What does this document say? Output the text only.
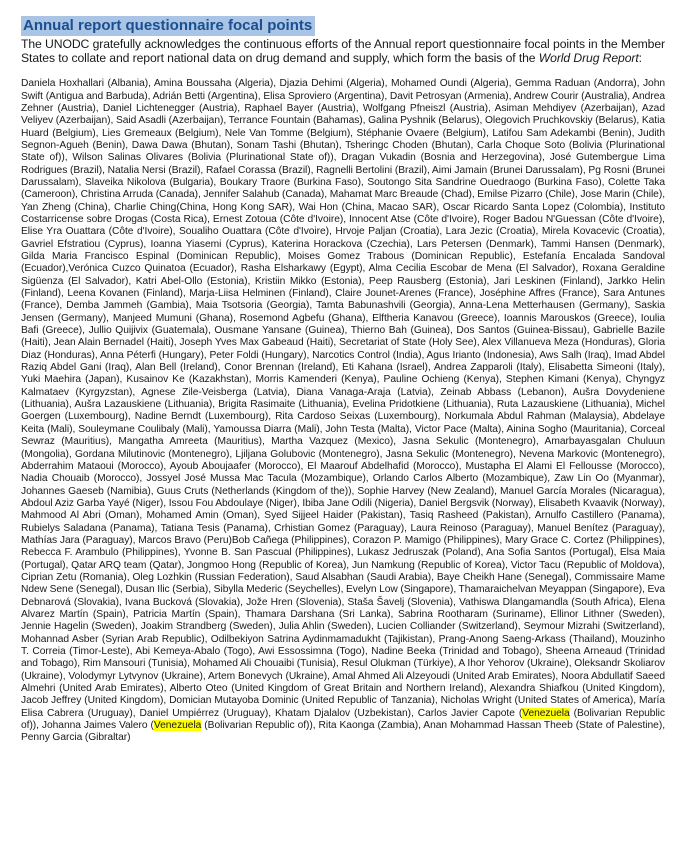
Annual report questionnaire focal points

The UNODC gratefully acknowledges the continuous efforts of the Annual report questionnaire focal points in the Member States to collate and report national data on drug demand and supply, which form the basis of the World Drug Report:

Daniela Hoxhallari (Albania), Amina Boussaha (Algeria), Djazia Dehimi (Algeria), Mohamed Oundi (Algeria), Gemma Raduan (Andorra), John Swift (Antigua and Barbuda), Adrián Betti (Argentina), Elisa Sproviero (Argentina), Davit Petrosyan (Armenia), Andrew Courir (Australia), Andrea Zehner (Austria), Daniel Lichtenegger (Austria), Raphael Bayer (Austria), Wolfgang Pfneiszl (Austria), Asiman Mehdiyev (Azerbaijan), Azad Veliyev (Azerbaijan), Said Asadli (Azerbaijan), Terrance Fountain (Bahamas), Galina Pyshnik (Belarus), Olegovich Pruchkovskiy (Belarus), Katia Huard (Belgium), Lies Gremeaux (Belgium), Nele Van Tomme (Belgium), Stéphanie Ovaere (Belgium), Latifou Sam Adekambi (Benin), Judith Segnon-Agueh (Benin), Dawa Dawa (Bhutan), Sonam Tashi (Bhutan), Tsheringc Choden (Bhutan), Carla Choque Soto (Bolivia (Plurinational State of)), Wilson Salinas Olivares (Bolivia (Plurinational State of)), Dragan Vukadin (Bosnia and Herzegovina), José Gutembergue Lima Rodrigues (Brazil), Natalia Nersi (Brazil), Rafael Corassa (Brazil), Ragnelli Bertolini (Brazil), Aimi Jamain (Brunei Darussalam), Pg Rosni (Brunei Darussalam), Slaveika Nikolova (Bulgaria), Boukary Traore (Burkina Faso), Soutongo Sita Sandrine Ouedraogo (Burkina Faso), Colette Taka (Cameroon), Christina Arruda (Canada), Jennifer Salahub (Canada), Mahamat Marc Breaude (Chad), Emilse Pizarro (Chile), Jose Marin (Chile), Yan Zheng (China), Charlie Ching(China, Hong Kong SAR), Wai Hon (China, Macao SAR), Oscar Ricardo Santa Lopez (Colombia), Instituto Costarricense sobre Drogas (Costa Rica), Ernest Zotoua (Côte d'Ivoire), Innocent Atse (Côte d'Ivoire), Roger Badou N'Guessan (Côte d'Ivoire), Elise Yra Ouattara (Côte d'Ivoire), Soualiho Ouattara (Côte d'Ivoire), Hrvoje Paljan (Croatia), Lara Jezic (Croatia), Mirela Kovacevic (Croatia), Gavriel Efstratiou (Cyprus), Ioanna Yiasemi (Cyprus), Katerina Horackova (Czechia), Lars Petersen (Denmark), Tammi Hansen (Denmark), Gilda Maria Francisco Espinal (Dominican Republic), Moises Gomez Trabous (Dominican Republic), Estefanía Encalada Sandoval (Ecuador),Verónica Cuzco Quinatoa (Ecuador), Rasha Elsharkawy (Egypt), Alma Cecilia Escobar de Mena (El Salvador), Roxana Geraldine Sigüenza (El Salvador), Katri Abel-Ollo (Estonia), Kristiin Mikko (Estonia), Peep Rausberg (Estonia), Jari Leskinen (Finland), Jarkko Helin (Finland), Leena Kovanen (Finland), Marja-Liisa Helminen (Finland), Claire Jounet-Arenes (France), Joséphine Affres (France), Sara Antunes (France), Demba Jammeh (Gambia), Maia Tsotsoria (Georgia), Tamta Babunashvili (Georgia), Anna-Lena Metterhausen (Germany), Saskia Jensen (Germany), Manjeed Mumuni (Ghana), Rosemond Agbefu (Ghana), Elftheria Kanavou (Greece), Ioannis Marouskos (Greece), Ioulia Bafi (Greece), Jullio Quijivix (Guatemala), Ousmane Yansane (Guinea), Thierno Bah (Guinea), Dos Santos (Guinea-Bissau), Gabrielle Bazile (Haiti), Jean Alain Bernadel (Haiti), Joseph Yves Max Gabeaud (Haiti), Secretariat of State (Holy See), Alex Villanueva Meza (Honduras), Gloria Diaz (Honduras), Anna Péterfi (Hungary), Peter Foldi (Hungary), Narcotics Control (India), Agus Irianto (Indonesia), Aws Salh (Iraq), Imad Abdel Raziq Abdel Gani (Iraq), Alan Bell (Ireland), Conor Brennan (Ireland), Eti Kahana (Israel), Andrea Zapparoli (Italy), Elisabetta Simeoni (Italy), Yuki Maehira (Japan), Kusainov Ke (Kazakhstan), Morris Kamenderi (Kenya), Pauline Ochieng (Kenya), Stephen Kimani (Kenya), Chyngyz Kalmataev (Kyrgyzstan), Agnese Zile-Veisberga (Latvia), Diana Vanaga-Araja (Latvia), Zeinab Abbass (Lebanon), Aušra Dovydeniene (Lithuania), Aušra Lazauskiene (Lithuania), Brigita Rasimaite (Lithuania), Evelina Pridotkiene (Lithuania), Ruta Lazauskiene (Lithuania), Michel Goergen (Luxembourg), Nadine Berndt (Luxembourg), Rita Cardoso Seixas (Luxembourg), Norkumala Abdul Rahman (Malaysia), Abdelaye Keita (Mali), Souleymane Coulibaly (Mali), Yamoussa Diarra (Mali), John Testa (Malta), Victor Pace (Malta), Ainina Sogho (Mauritania), Corceal Sewraz (Mauritius), Mangatha Amreeta (Mauritius), Martha Vazquez (Mexico), Jasna Sekulic (Montenegro), Amarbayasgalan Chuluun (Mongolia), Gordana Milutinovic (Montenegro), Ljiljana Golubovic (Montenegro), Jasna Sekulic (Montenegro), Nevena Markovic (Montenegro), Abderrahim Mataoui (Morocco), Ayoub Aboujaafer (Morocco), El Maarouf Abdelhafid (Morocco), Mustapha El Alami El Fellousse (Morocco), Nadia Chouaib (Morocco), Jossyel José Mussa Mac Tacula (Mozambique), Orlando Carlos Alberto (Mozambique), Zaw Lin Oo (Myanmar), Johannes Gaeseb (Namibia), Guus Cruts (Netherlands (Kingdom of the)), Sophie Harvey (New Zealand), Manuel García Morales (Nicaragua), Abdoul Aziz Garba Yayé (Niger), Issou Fou Abdoulaye (Niger), Ibiba Jane Odili (Nigeria), Daniel Bergsvik (Norway), Elisabeth Kvaavik (Norway), Mahmood Al Abri (Oman), Mohamed Amin (Oman), Syed Sijjeel Haider (Pakistan), Tasiq Rasheed (Pakistan), Arnulfo Castillero (Panama), Rubielys Saladana (Panama), Tatiana Tesis (Panama), Crhistian Gomez (Paraguay), Laura Reinoso (Paraguay), Manuel Benítez (Paraguay), Mathías Jara (Paraguay), Marcos Bravo (Peru)Bob Cañega (Philippines), Corazon P. Mamigo (Philippines), Mary Grace C. Cortez (Philippines), Rebecca F. Arambulo (Philippines), Yvonne B. San Pascual (Philippines), Lukasz Jedruszak (Poland), Ana Sofia Santos (Portugal), Elsa Maia (Portugal), Qatar ARQ team (Qatar), Jongmoo Hong (Republic of Korea), Jun Namkung (Republic of Korea), Victor Tacu (Republic of Moldova), Ciprian Zetu (Romania), Oleg Lozhkin (Russian Federation), Saud Alsabhan (Saudi Arabia), Baye Cheikh Hane (Senegal), Commissaire Mame Ndew Sene (Senegal), Dusan Ilic (Serbia), Sibylla Mederic (Seychelles), Evelyn Low (Singapore), Thamaraichelvan Meyappan (Singapore), Eva Debnarová (Slovakia), Ivana Bucková (Slovakia), Jože Hren (Slovenia), Staša Šavelj (Slovenia), Vathiswa Dlangamandla (South Africa), Elena Alvarez Martín (Spain), Patricia Martín (Spain), Thamara Darshana (Sri Lanka), Sabrina Rootharam (Suriname), Ellinor Lithner (Sweden), Jennie Hagelin (Sweden), Joakim Strandberg (Sweden), Julia Ahlin (Sweden), Lucien Colliander (Switzerland), Seymour Mizrahi (Switzerland), Mohannad Asber (Syrian Arab Republic), Odilbekiyon Satrina Aydinmamadukht (Tajikistan), Prang-Anong Saeng-Arkass (Thailand), Mouzinho T. Correia (Timor-Leste), Abi Kemeya-Abalo (Togo), Awi Essossimna (Togo), Nadine Beeka (Trinidad and Tobago), Sheena Arneaud (Trinidad and Tobago), Rim Mansouri (Tunisia), Mohamed Ali Chouaibi (Tunisia), Resul Olukman (Türkiye), A Ihor Yehorov (Ukraine), Oleksandr Skoliarov (Ukraine), Volodymyr Lytvynov (Ukraine), Artem Bonevych (Ukraine), Amal Ahmed Ali Alzeyoudi (United Arab Emirates), Noora Abdullatif Saeed Almehri (United Arab Emirates), Alberto Oteo (United Kingdom of Great Britain and Northern Ireland), Alexandra Shiafkou (United Kingdom), Jacob Jeffrey (United Kingdom), Domician Mutayoba Dominic (United Republic of Tanzania), Nicholas Wright (United States of America), María Elisa Cabrera (Uruguay), Daniel Umpiérrez (Uruguay), Khatam Djalalov (Uzbekistan), Carlos Javier Capote (Venezuela (Bolivarian Republic of)), Johanna Jaimes Valero (Venezuela (Bolivarian Republic of)), Rita Kaonga (Zambia), Anan Mohammad Hassan Theeb (State of Palestine), Penny Garcia (Gibraltar)
